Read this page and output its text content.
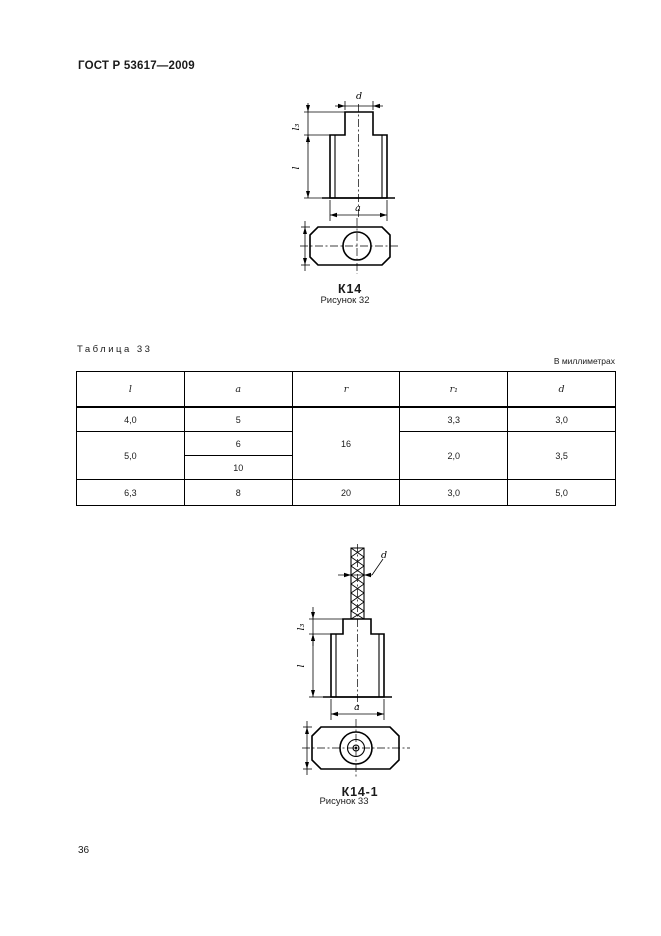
ГОСТ Р 53617—2009
d
l₃
l
a
К14
Рисунок 32
Таблица 33
В миллиметрах
l	a	r	r₁	d
4,0	5	16	3,3	3,0
5,0	6		2,0	3,5
	10			
6,3	8	20	3,0	5,0
d
l₃
l
a
К14-1
Рисунок 33
36
